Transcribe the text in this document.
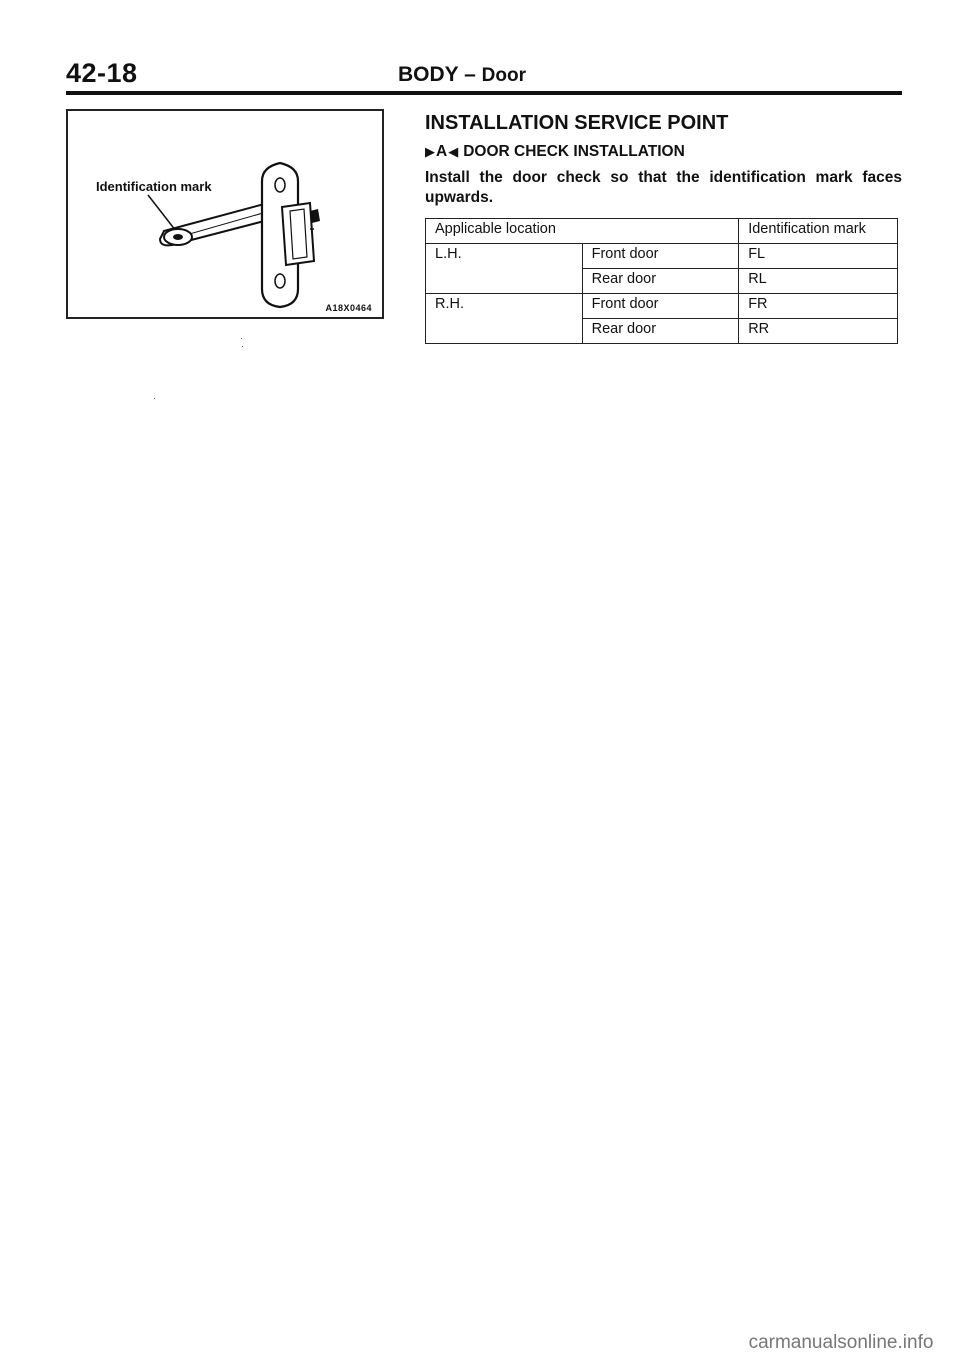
42-18	BODY – Door
Identification mark
A18X0464
INSTALLATION SERVICE POINT
▶ A ◀ DOOR CHECK INSTALLATION
Install the door check so that the identification mark faces upwards.
Applicable location		Identification mark
L.H.	Front door	FL
	Rear door	RL
R.H.	Front door	FR
	Rear door	RR
carmanualsonline.info
